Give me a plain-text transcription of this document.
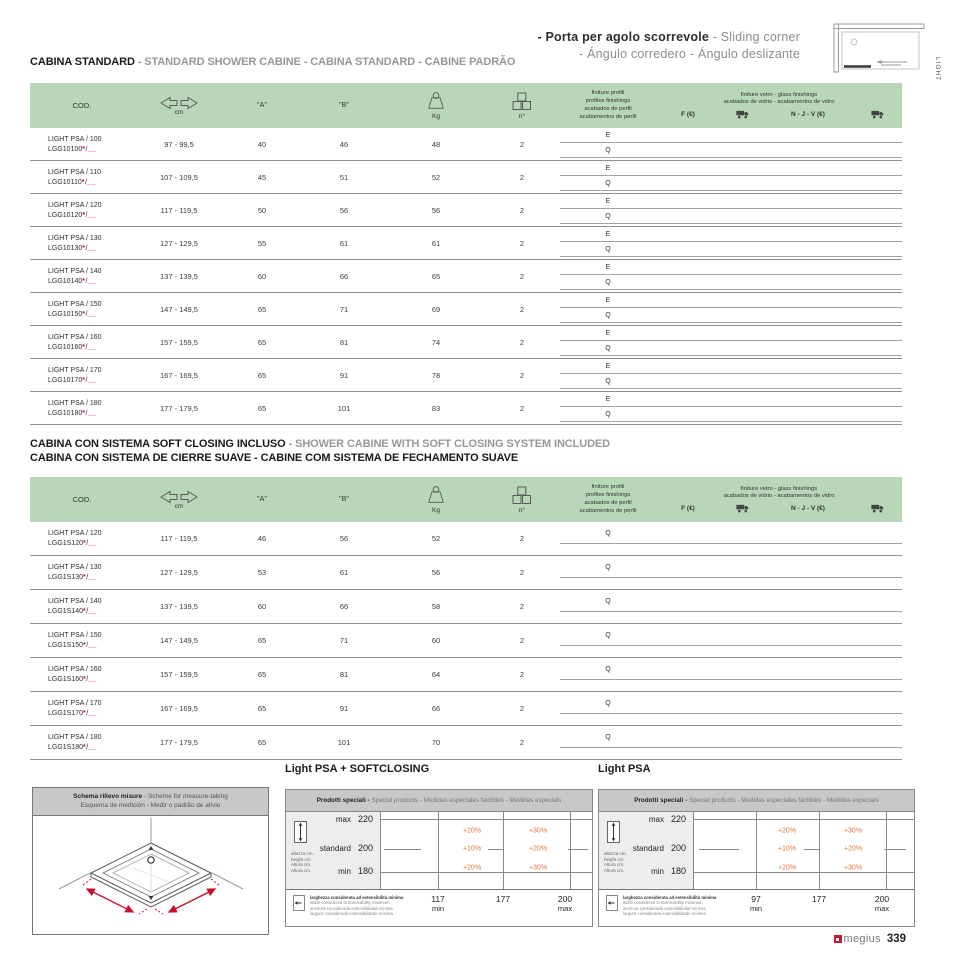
- Porta per agolo scorrevole - Sliding corner
- Ángulo corredero - Ángulo deslizante
LIGHT
CABINA STANDARD - STANDARD SHOWER CABINE - CABINA STANDARD - CABINE PADRÃO
COD.
cm
"A"	"B"
Kg	n°
finiture profili
profiles finishings
acabados de perfil
acabamentos de perfil
finiture vetro - glass finishings
acabados de vidrio - acabamentos de vidro
F (€)	N - J - V (€)
LIGHT PSA / 100
LGG10100*/__
97 - 99,5	40	46	48	2
E
Q
LIGHT PSA / 110
LGG10110*/__
107 - 109,5	45	51	52	2
E
Q
LIGHT PSA / 120
LGG10120*/__
117 - 119,5	50	56	56	2
E
Q
LIGHT PSA / 130
LGG10130*/__
127 - 129,5	55	61	61	2
E
Q
LIGHT PSA / 140
LGG10140*/__
137 - 139,5	60	66	65	2
E
Q
LIGHT PSA / 150
LGG10150*/__
147 - 149,5	65	71	69	2
E
Q
LIGHT PSA / 160
LGG10160*/__
157 - 159,5	65	81	74	2
E
Q
LIGHT PSA / 170
LGG10170*/__
167 - 169,5	65	91	78	2
E
Q
LIGHT PSA / 180
LGG10180*/__
177 - 179,5	65	101	83	2
E
Q
CABINA CON SISTEMA SOFT CLOSING INCLUSO - SHOWER CABINE WITH SOFT CLOSING SYSTEM INCLUDED
CABINA CON SISTEMA DE CIERRE SUAVE - CABINE COM SISTEMA DE FECHAMENTO SUAVE
COD.
cm
"A"	"B"
Kg	n°
finiture profili
profiles finishings
acabados de perfil
acabamentos de perfil
finiture vetro - glass finishings
acabados de vidrio - acabamentos de vidro
F (€)	N - J - V (€)
LIGHT PSA / 120
LGG1S120*/__
117 - 119,5	46	56	52	2
Q
LIGHT PSA / 130
LGG1S130*/__
127 - 129,5	53	61	56	2
Q
LIGHT PSA / 140
LGG1S140*/__
137 - 139,5	60	66	58	2
Q
LIGHT PSA / 150
LGG1S150*/__
147 - 149,5	65	71	60	2
Q
LIGHT PSA / 160
LGG1S160*/__
157 - 159,5	65	81	64	2
Q
LIGHT PSA / 170
LGG1S170*/__
167 - 169,5	65	91	66	2
Q
LIGHT PSA / 180
LGG1S180*/__
177 - 179,5	65	101	70	2
Q
Schema rilievo misure - Scheme for measure-taking
Esquema de medición - Medir o padrão de alívio
Light PSA + SOFTCLOSING
Prodotti speciali - Special products - Medidas especiales factibles - Medidas especiais
max 220
standard 200
min 180
altezza cm.
height cm.
Altura cm.
Altura cm.
+20%	+30%
+10%	+20%
+20%	+30%
larghezza considerata ad estensibilità minima
width considered to Extensibility minimum
anchura considerada extensibilidad mínima
largura considerada extensibilidade mínima
117
min
177	200
max
Light PSA
Prodotti speciali - Special products - Medidas especiales factibles - Medidas especiais
max 220
standard 200
min 180
altezza cm.
height cm.
Altura cm.
Altura cm.
+20%	+30%
+10%	+20%
+20%	+30%
larghezza considerata ad estensibilità minima
width considered to Extensibility minimum
anchura considerada extensibilidad mínima
largura considerada extensibilidade mínima
97
min
177	200
max
megius 339
